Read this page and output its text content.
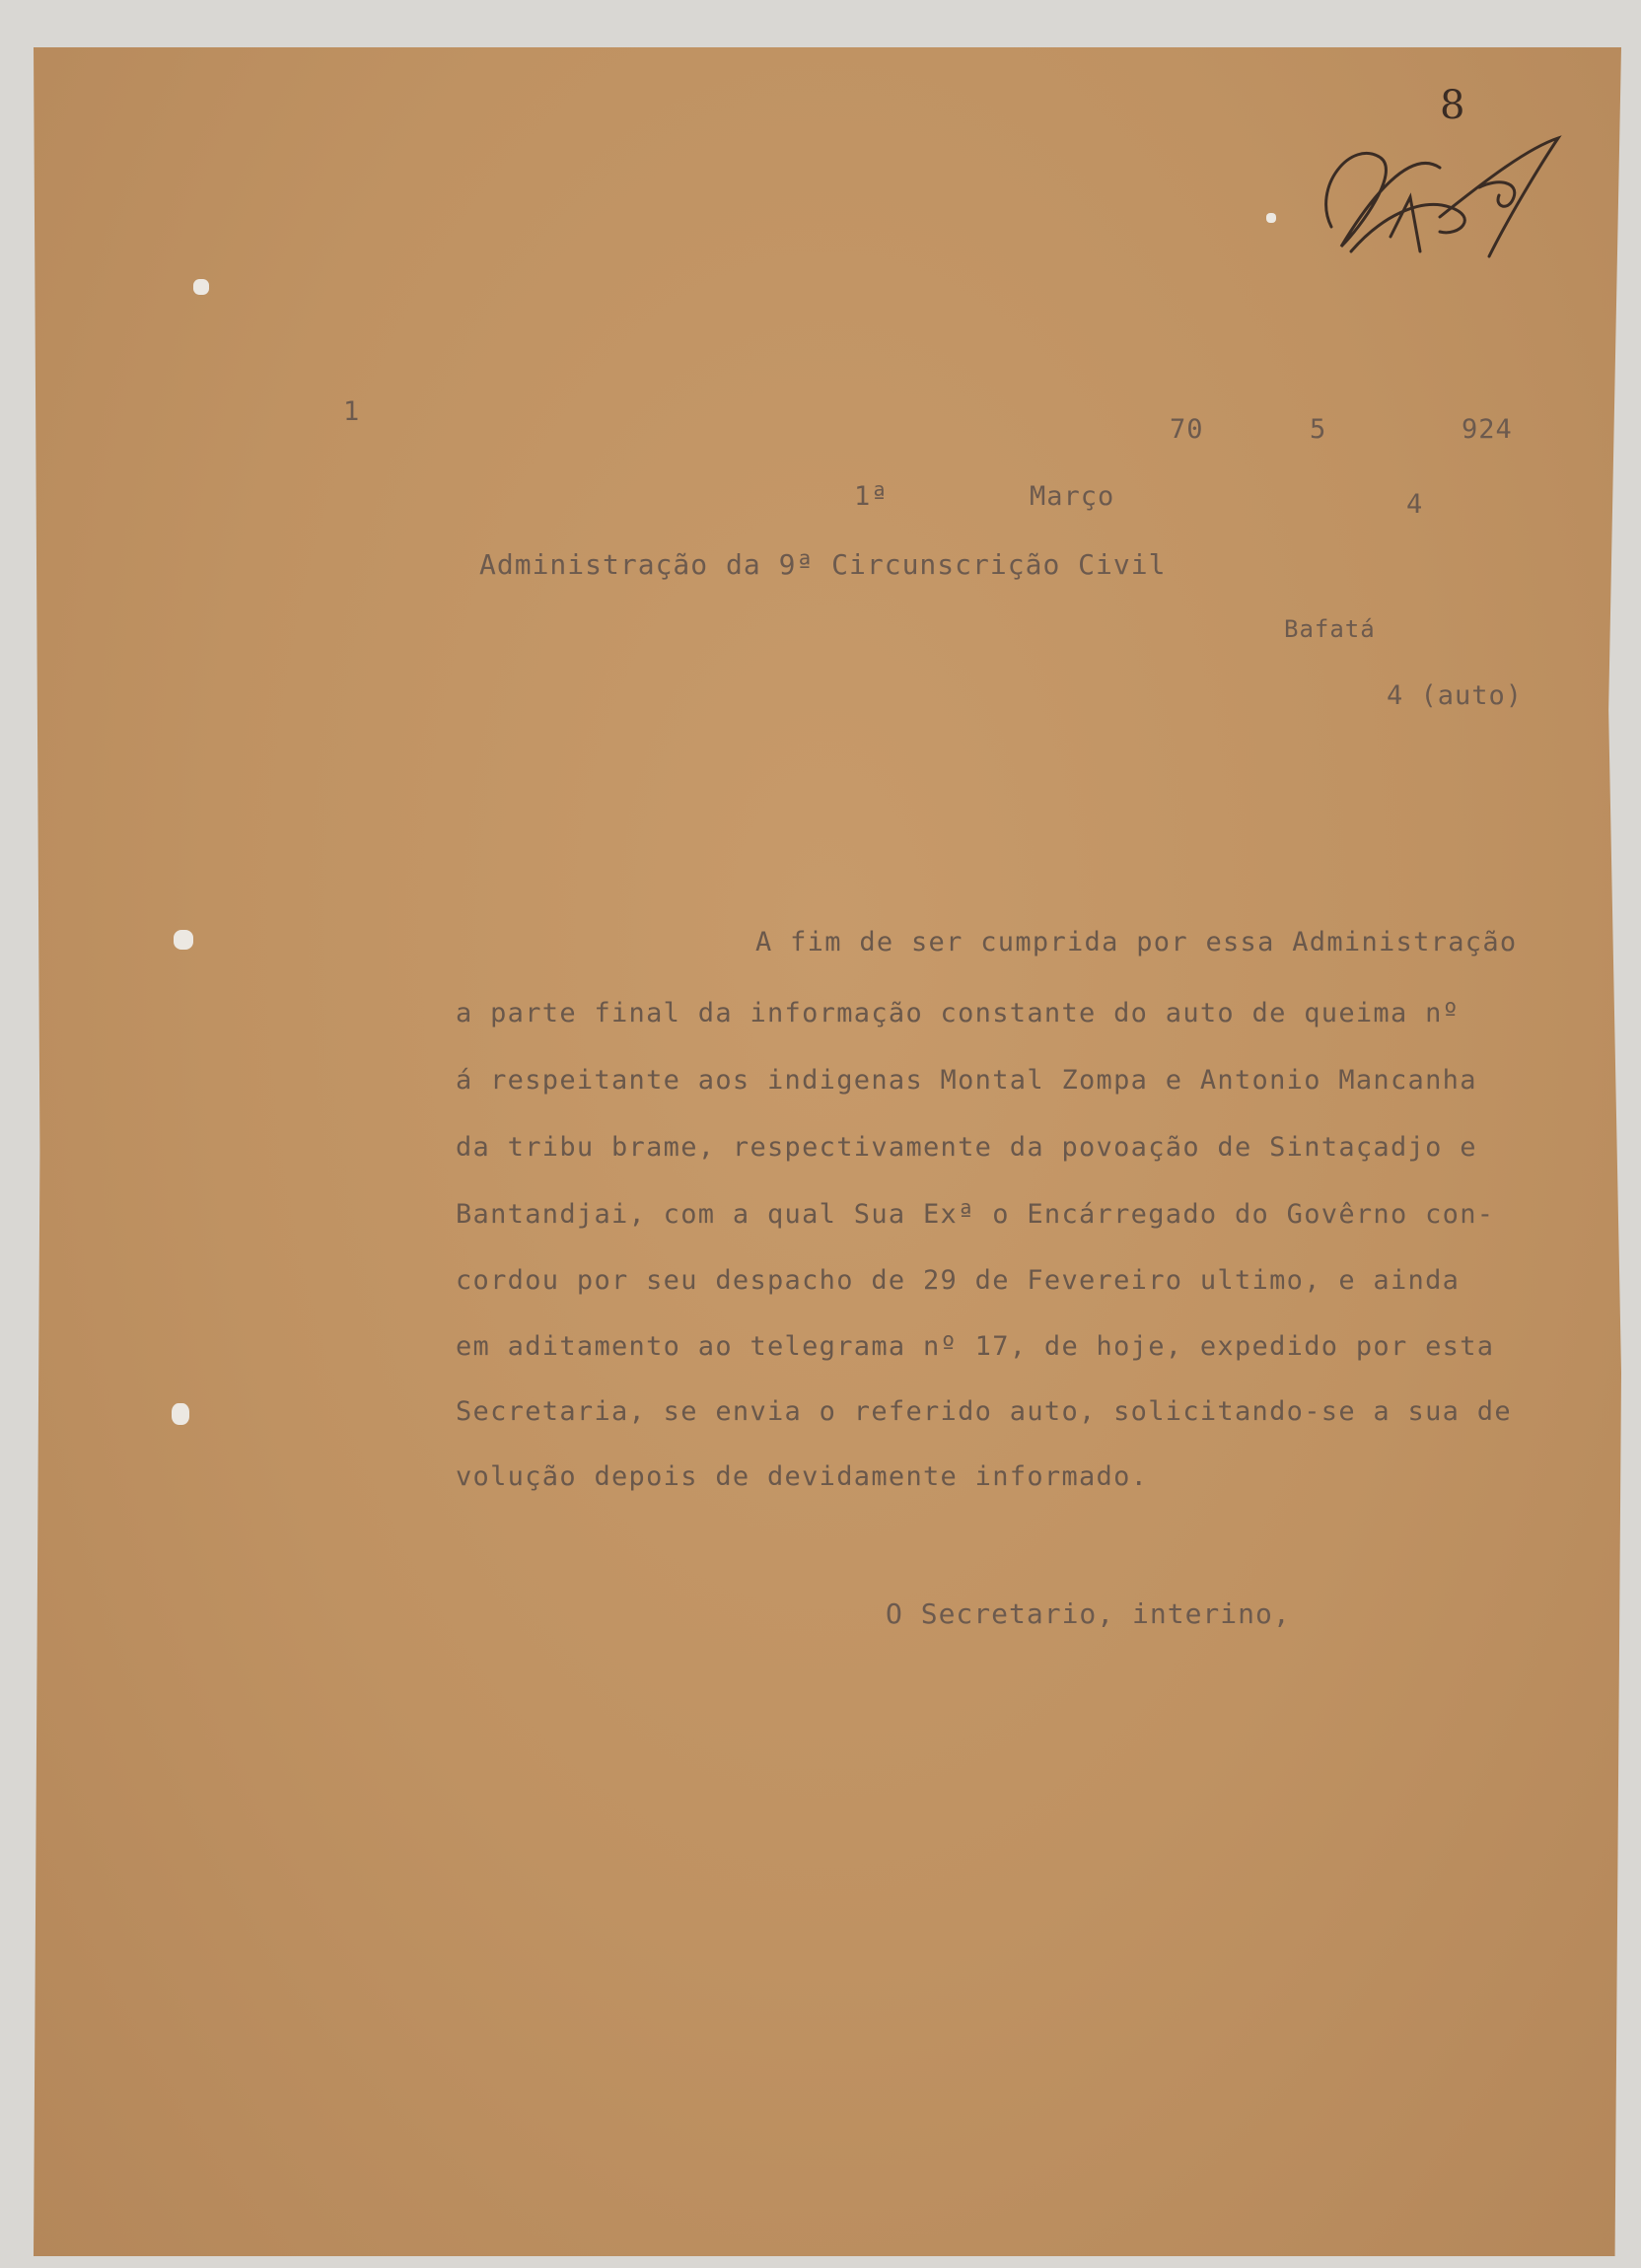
8
1
70	5	924
1ª	Março	4
Administração da 9ª Circunscrição Civil
Bafatá
4 (auto)
A fim de ser cumprida por essa Administração
a parte final da informação constante do auto de queima nº
á respeitante aos indigenas Montal Zompa e Antonio Mancanha
da tribu brame, respectivamente da povoação de Sintaçadjo e
Bantandjai, com a qual Sua Exª o Encárregado do Govêrno con-
cordou por seu despacho de 29 de Fevereiro ultimo, e ainda
em aditamento ao telegrama nº 17, de hoje, expedido por esta
Secretaria, se envia o referido auto, solicitando-se a sua de
volução depois de devidamente informado.
O Secretario, interino,
